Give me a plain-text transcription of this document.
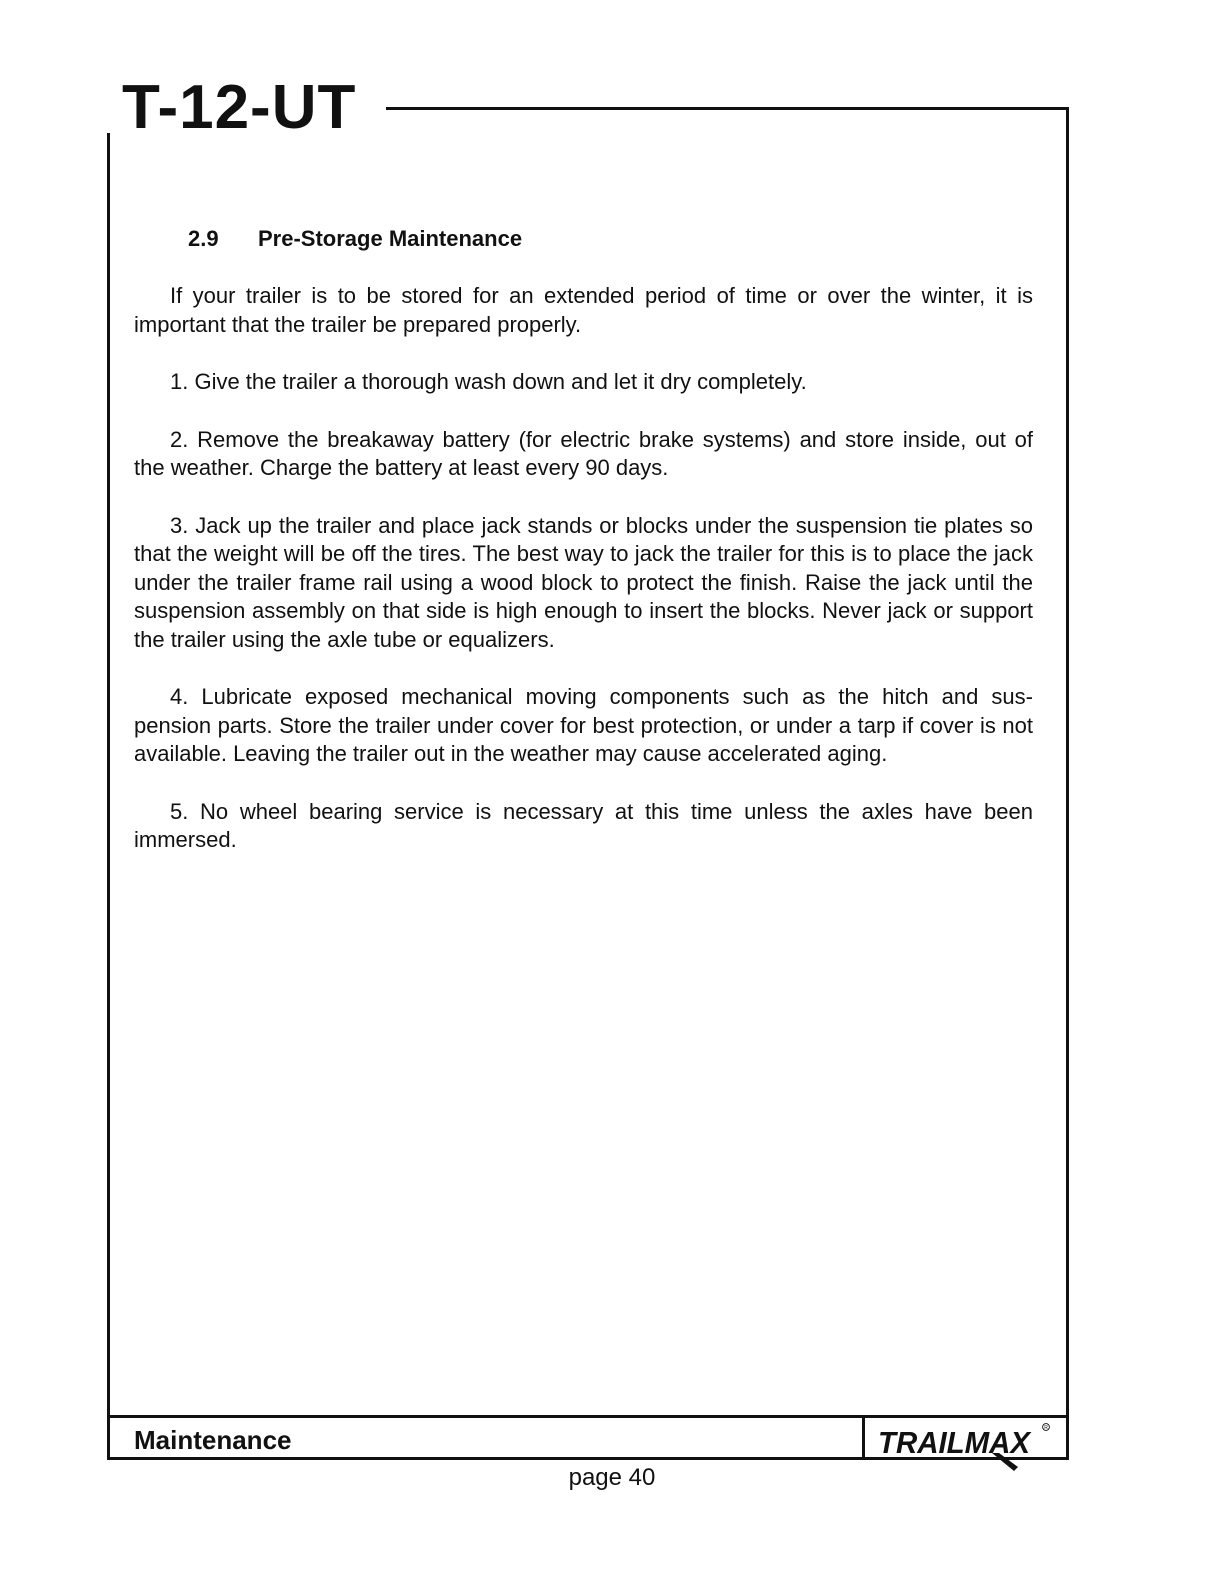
T-12-UT
2.9 Pre-Storage Maintenance

If your trailer is to be stored for an extended period of time or over the winter, it is important that the trailer be prepared properly.

1. Give the trailer a thorough wash down and let it dry completely.

2. Remove the breakaway battery (for electric brake systems) and store inside, out of the weather. Charge the battery at least every 90 days.

3. Jack up the trailer and place jack stands or blocks under the suspension tie plates so that the weight will be off the tires. The best way to jack the trailer for this is to place the jack under the trailer frame rail using a wood block to protect the finish. Raise the jack until the suspension assembly on that side is high enough to insert the blocks. Never jack or support the trailer using the axle tube or equalizers.

4. Lubricate exposed mechanical moving components such as the hitch and sus-pension parts. Store the trailer under cover for best protection, or under a tarp if cover is not available. Leaving the trailer out in the weather may cause accelerated aging.

5. No wheel bearing service is necessary at this time unless the axles have been immersed.

Maintenance	TRAILMAX R
page 40
